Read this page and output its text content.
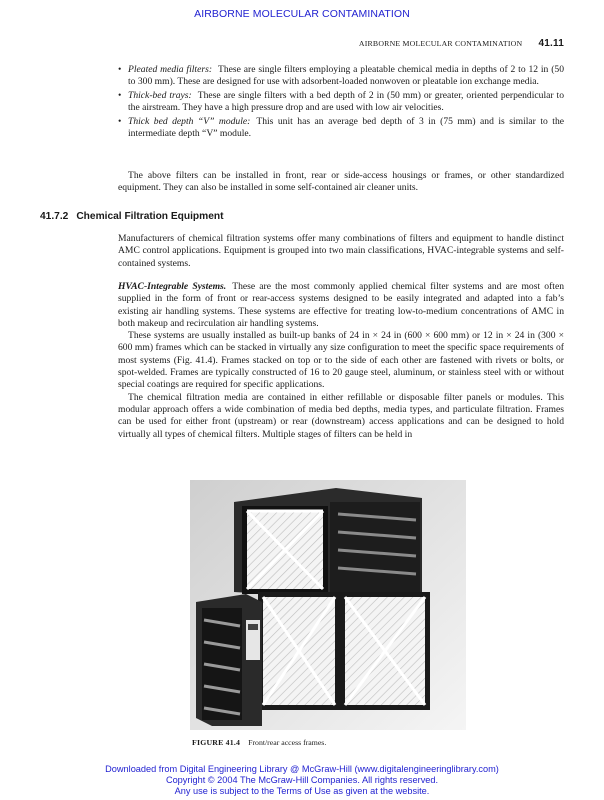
AIRBORNE MOLECULAR CONTAMINATION
AIRBORNE MOLECULAR CONTAMINATION 41.11
• Pleated media filters: These are single filters employing a pleatable chemical media in depths of 2 to 12 in (50 to 300 mm). These are designed for use with adsorbent-loaded nonwoven or pleatable ion exchange media.
• Thick-bed trays: These are single filters with a bed depth of 2 in (50 mm) or greater, oriented perpendicular to the airstream. They have a high pressure drop and are used with low air velocities.
• Thick bed depth “V” module: This unit has an average bed depth of 3 in (75 mm) and is similar to the intermediate depth “V” module.

The above filters can be installed in front, rear or side-access housings or frames, or other standardized equipment. They can also be installed in some self-contained air cleaner units.

41.7.2 Chemical Filtration Equipment

Manufacturers of chemical filtration systems offer many combinations of filters and equipment to handle distinct AMC control applications. Equipment is grouped into two main classifications, HVAC-integrable systems and self-contained systems.

HVAC-Integrable Systems. These are the most commonly applied chemical filter systems and are most often supplied in the form of front or rear-access systems designed to be easily integrated and adapted into a fab’s existing air handling systems. These systems are effective for treating low-to-medium concentrations of AMC in both makeup and recirculation air handling systems.

These systems are usually installed as built-up banks of 24 in × 24 in (600 × 600 mm) or 12 in × 24 in (300 × 600 mm) frames which can be stacked in virtually any size configuration to meet the specific space requirements of most systems (Fig. 41.4). Frames stacked on top or to the side of each other are fastened with rivets or bolts, or spot-welded. Frames are typically constructed of 16 to 20 gauge steel, aluminum, or stainless steel with or without special coatings are required for specific applications.

The chemical filtration media are contained in either refillable or disposable filter panels or modules. This modular approach offers a wide combination of media bed depths, media types, and particulate filtration. Frames can be used for either front (upstream) or rear (downstream) access applications and can be designed to hold virtually all types of chemical filters. Multiple stages of filters can be held in

FIGURE 41.4 Front/rear access frames.
Downloaded from Digital Engineering Library @ McGraw-Hill (www.digitalengineeringlibrary.com)
Copyright © 2004 The McGraw-Hill Companies. All rights reserved.
Any use is subject to the Terms of Use as given at the website.
